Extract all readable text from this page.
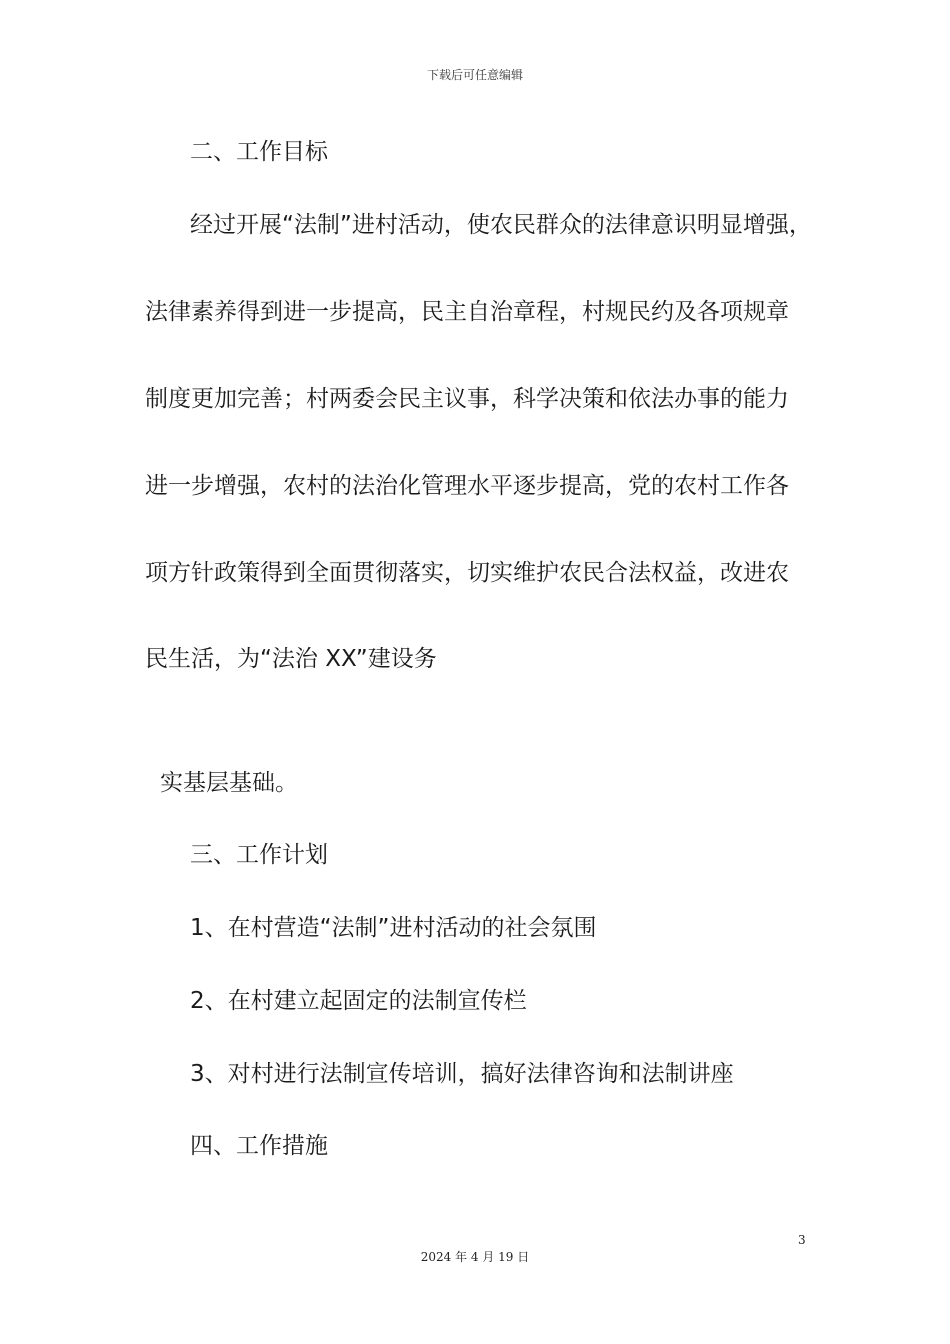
下载后可任意编辑
二、工作目标
经过开展“法制”进村活动，使农民群众的法律意识明显增强，
法律素养得到进一步提高，民主自治章程，村规民约及各项规章
制度更加完善；村两委会民主议事，科学决策和依法办事的能力
进一步增强，农村的法治化管理水平逐步提高，党的农村工作各
项方针政策得到全面贯彻落实，切实维护农民合法权益，改进农
民生活，为“法治 XX”建设务
实基层基础。
三、工作计划
1、在村营造“法制”进村活动的社会氛围
2、在村建立起固定的法制宣传栏
3、对村进行法制宣传培训，搞好法律咨询和法制讲座
四、工作措施
3
2024 年 4 月 19 日
